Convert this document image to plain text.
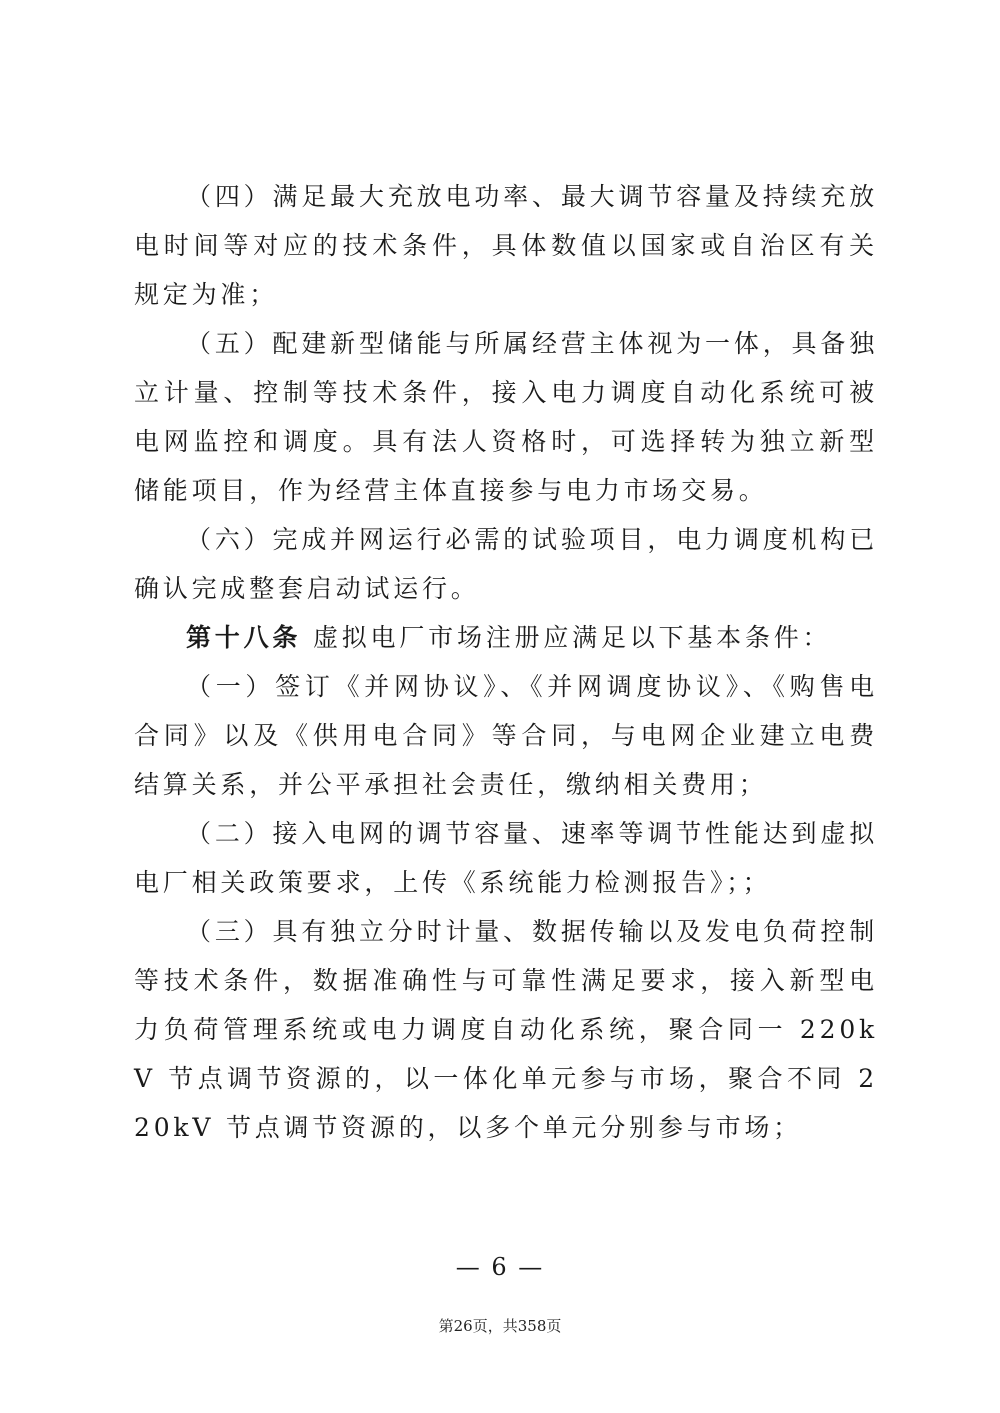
（四）满足最大充放电功率、最大调节容量及持续充放电时间等对应的技术条件，具体数值以国家或自治区有关规定为准；

（五）配建新型储能与所属经营主体视为一体，具备独立计量、控制等技术条件，接入电力调度自动化系统可被电网监控和调度。具有法人资格时，可选择转为独立新型储能项目，作为经营主体直接参与电力市场交易。

（六）完成并网运行必需的试验项目，电力调度机构已确认完成整套启动试运行。

第十八条 虚拟电厂市场注册应满足以下基本条件：

（一）签订《并网协议》、《并网调度协议》、《购售电合同》以及《供用电合同》等合同，与电网企业建立电费结算关系，并公平承担社会责任，缴纳相关费用；

（二）接入电网的调节容量、速率等调节性能达到虚拟电厂相关政策要求，上传《系统能力检测报告》；；

（三）具有独立分时计量、数据传输以及发电负荷控制等技术条件，数据准确性与可靠性满足要求，接入新型电力负荷管理系统或电力调度自动化系统，聚合同一 220kV 节点调节资源的，以一体化单元参与市场，聚合不同 220kV 节点调节资源的，以多个单元分别参与市场；

— 6 —
第26页，共358页
